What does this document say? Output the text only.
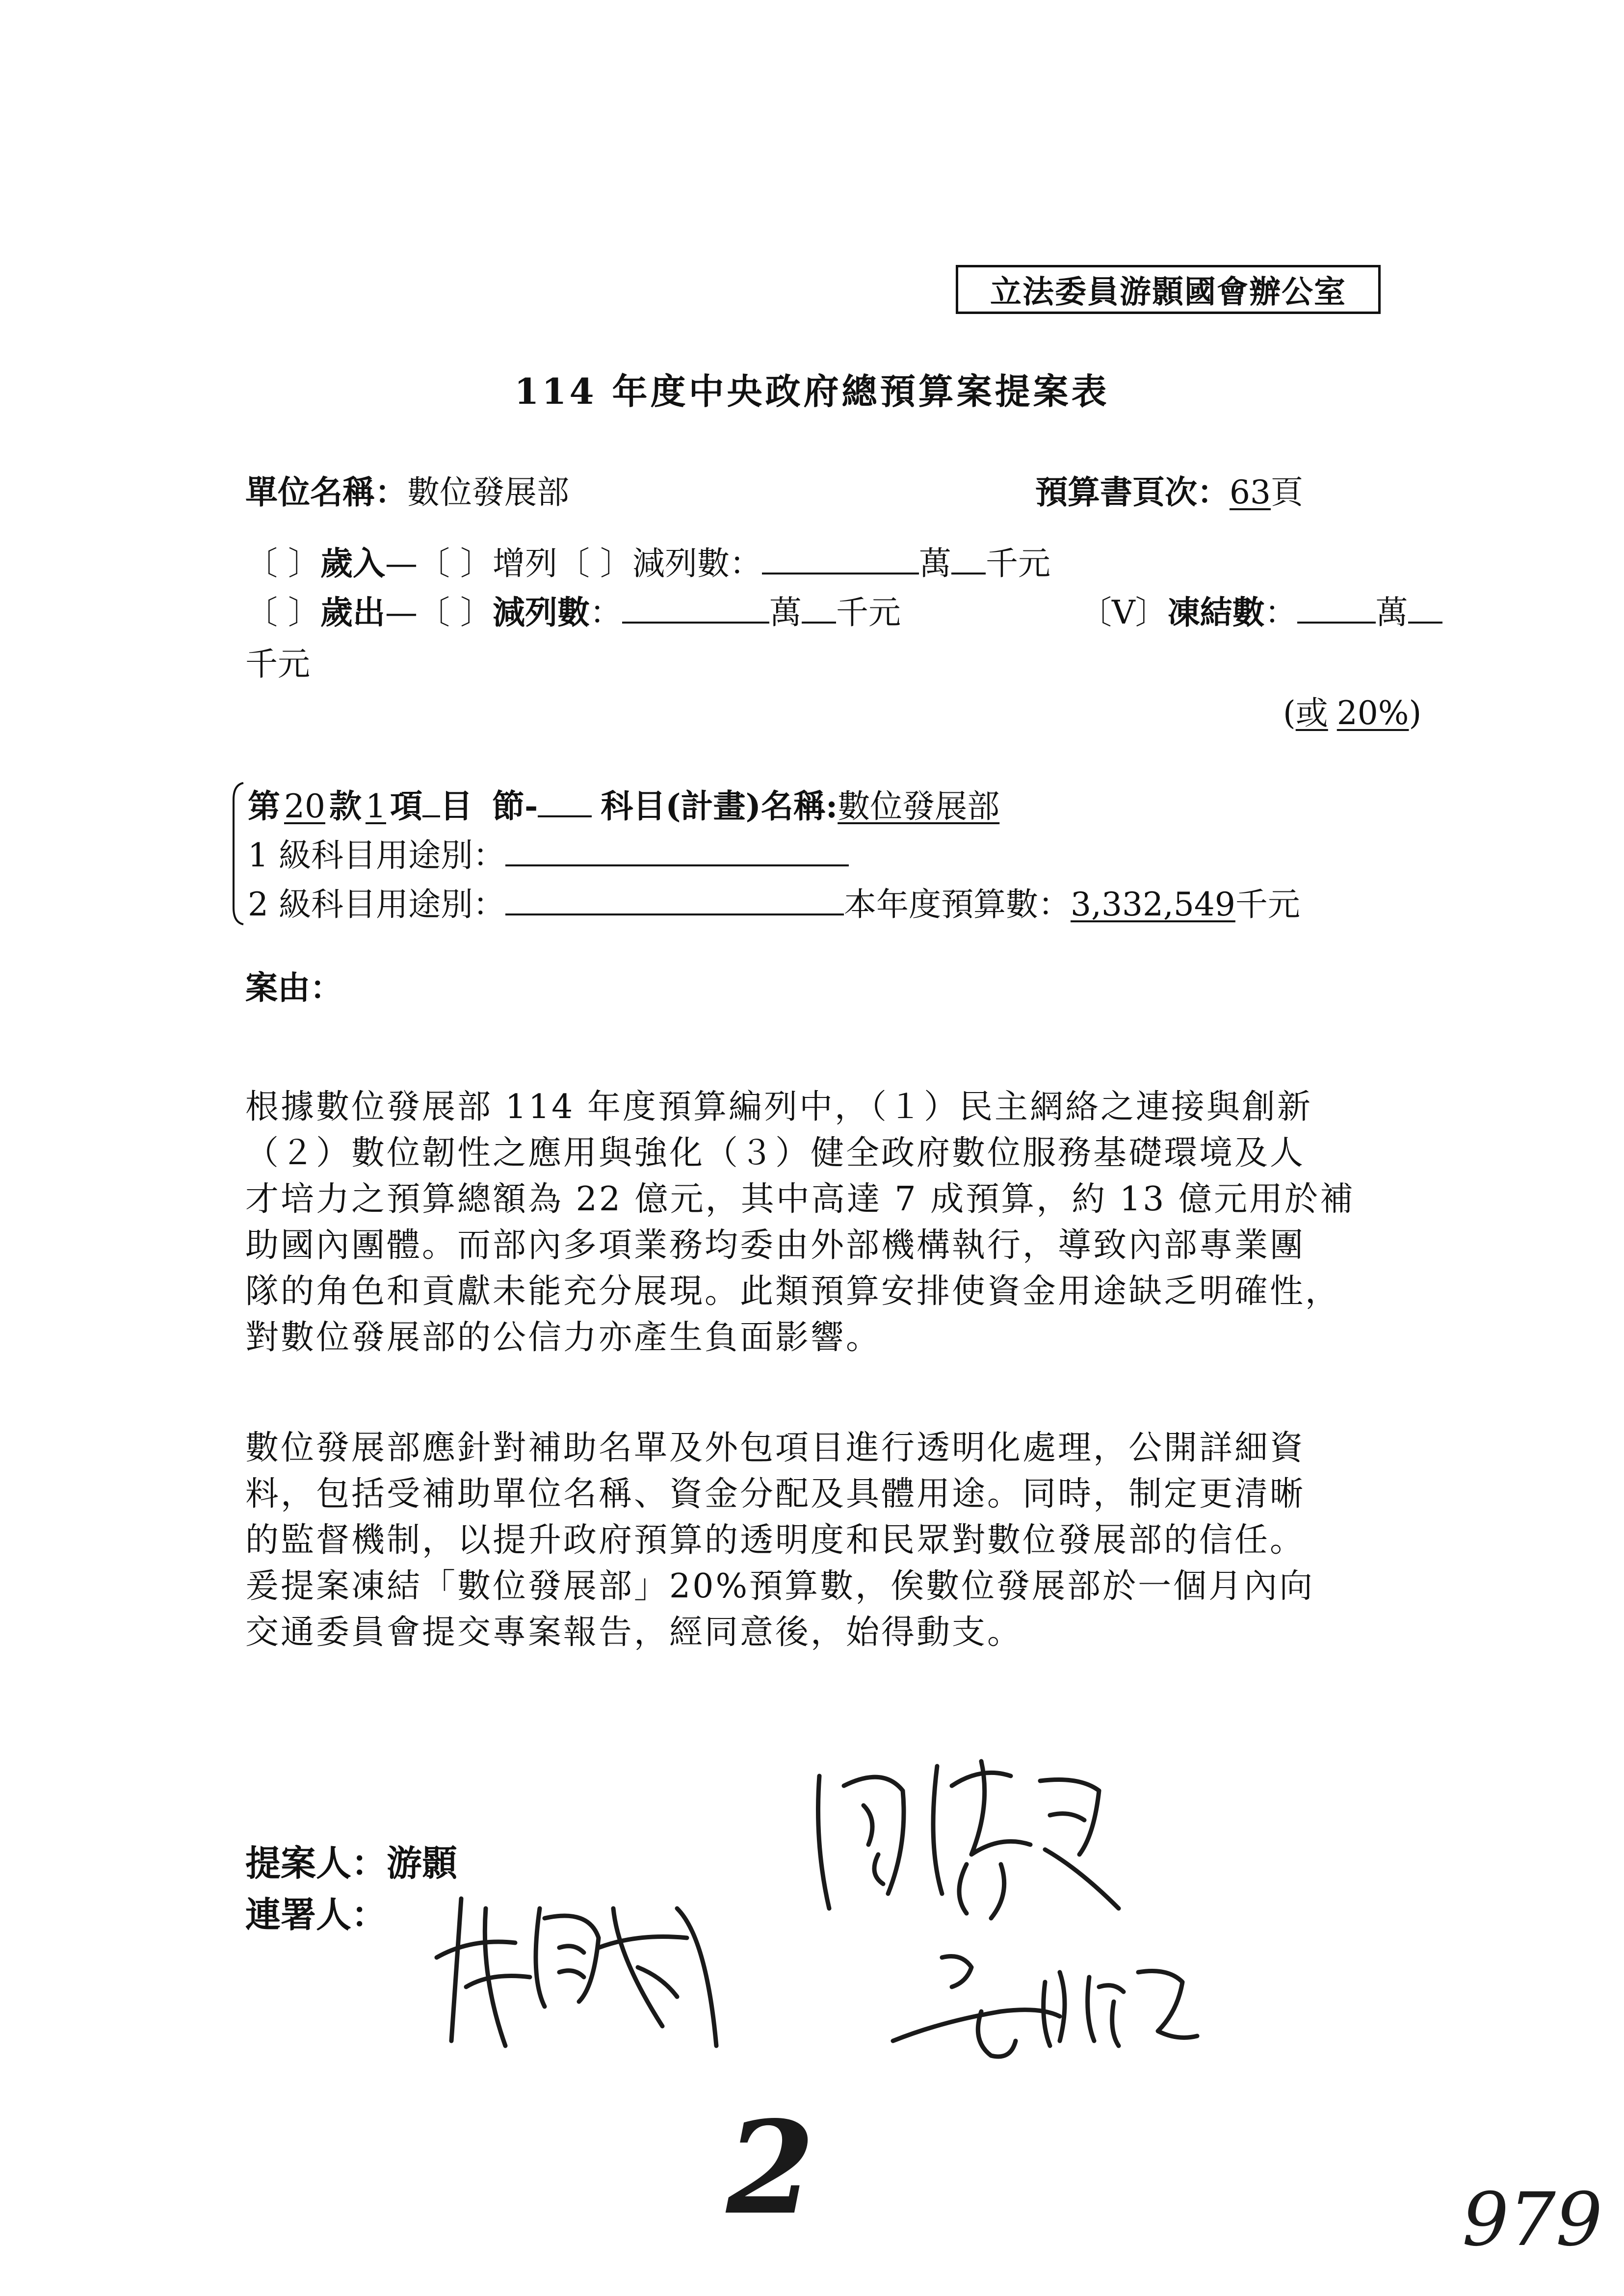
立法委員游顥國會辦公室
114 年度中央政府總預算案提案表
單位名稱：數位發展部	預算書頁次：63頁
〔 〕歲入—〔 〕增列〔 〕減列數：	萬 千元
〔 〕歲出—〔 〕減列數：	萬 千元	〔V〕凍結數： 萬
千元
(或 20%)
第 20 款 1 項 目 節- 科目(計畫)名稱:數位發展部
1 級科目用途別：
2 級科目用途別：	本年度預算數：3,332,549千元
案由：
根據數位發展部 114 年度預算編列中，（１）民主網絡之連接與創新
（２）數位韌性之應用與強化（３）健全政府數位服務基礎環境及人
才培力之預算總額為 22 億元，其中高達 7 成預算，約 13 億元用於補
助國內團體。而部內多項業務均委由外部機構執行，導致內部專業團
隊的角色和貢獻未能充分展現。此類預算安排使資金用途缺乏明確性，
對數位發展部的公信力亦產生負面影響。
數位發展部應針對補助名單及外包項目進行透明化處理，公開詳細資
料，包括受補助單位名稱、資金分配及具體用途。同時，制定更清晰
的監督機制，以提升政府預算的透明度和民眾對數位發展部的信任。
爰提案凍結「數位發展部」20%預算數，俟數位發展部於一個月內向
交通委員會提交專案報告，經同意後，始得動支。
提案人：游顥
連署人：
2	979
